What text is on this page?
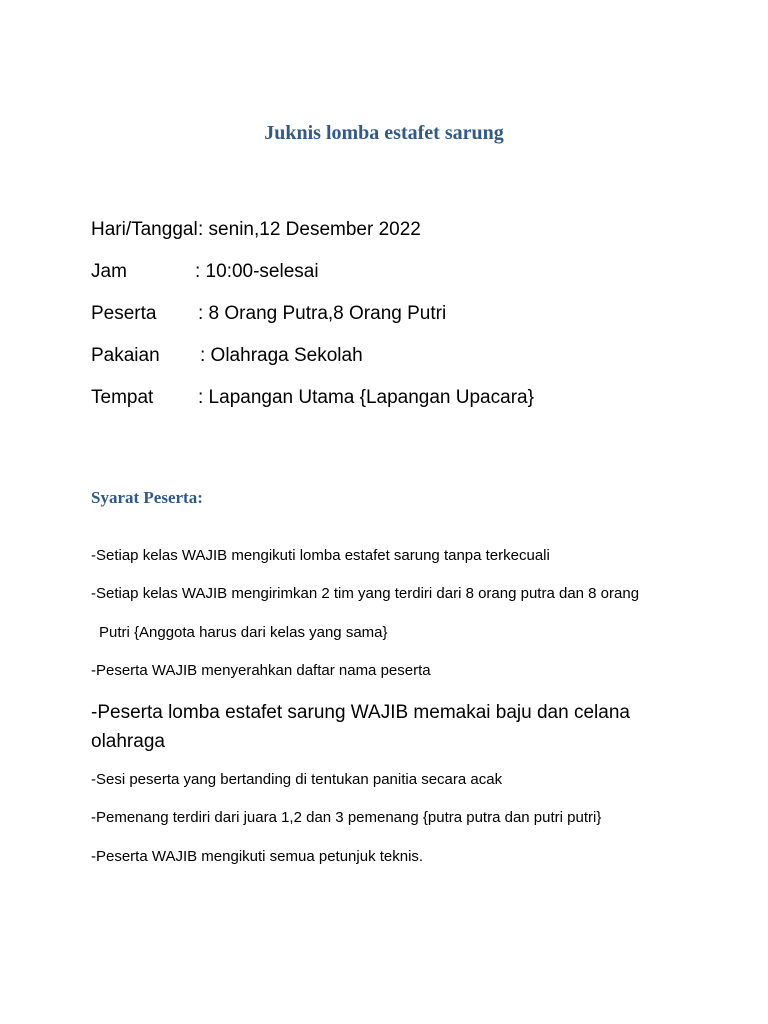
Juknis lomba estafet sarung
Hari/Tanggal : senin,12 Desember 2022
Jam	: 10:00-selesai
Peserta : 8 Orang Putra,8 Orang Putri
Pakaian : Olahraga Sekolah
Tempat : Lapangan Utama {Lapangan Upacara}
Syarat Peserta:
-Setiap kelas WAJIB mengikuti lomba estafet sarung tanpa terkecuali
-Setiap kelas WAJIB mengirimkan 2 tim yang terdiri dari 8 orang putra dan 8 orang
Putri {Anggota harus dari kelas yang sama}
-Peserta WAJIB menyerahkan daftar nama peserta
-Peserta lomba estafet sarung WAJIB memakai baju dan celana olahraga
-Sesi peserta yang bertanding di tentukan panitia secara acak
-Pemenang terdiri dari juara 1,2 dan 3 pemenang {putra putra dan putri putri}
-Peserta WAJIB mengikuti semua petunjuk teknis.
